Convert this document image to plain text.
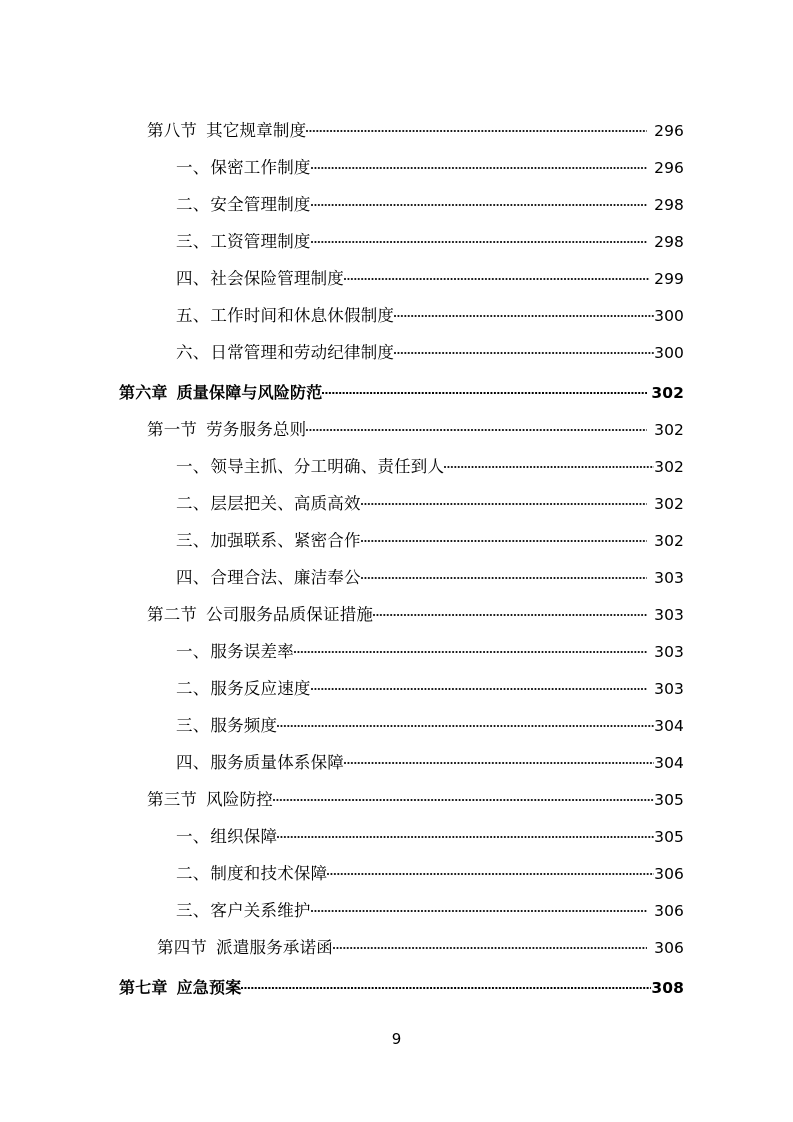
第八节 其它规章制度	296
一、保密工作制度	296
二、安全管理制度	298
三、工资管理制度	298
四、社会保险管理制度	299
五、工作时间和休息休假制度	300
六、日常管理和劳动纪律制度	300
第六章 质量保障与风险防范	302
第一节 劳务服务总则	302
一、领导主抓、分工明确、责任到人	302
二、层层把关、高质高效	302
三、加强联系、紧密合作	302
四、合理合法、廉洁奉公	303
第二节 公司服务品质保证措施	303
一、服务误差率	303
二、服务反应速度	303
三、服务频度	304
四、服务质量体系保障	304
第三节 风险防控	305
一、组织保障	305
二、制度和技术保障	306
三、客户关系维护	306
第四节 派遣服务承诺函	306
第七章 应急预案	308
9
